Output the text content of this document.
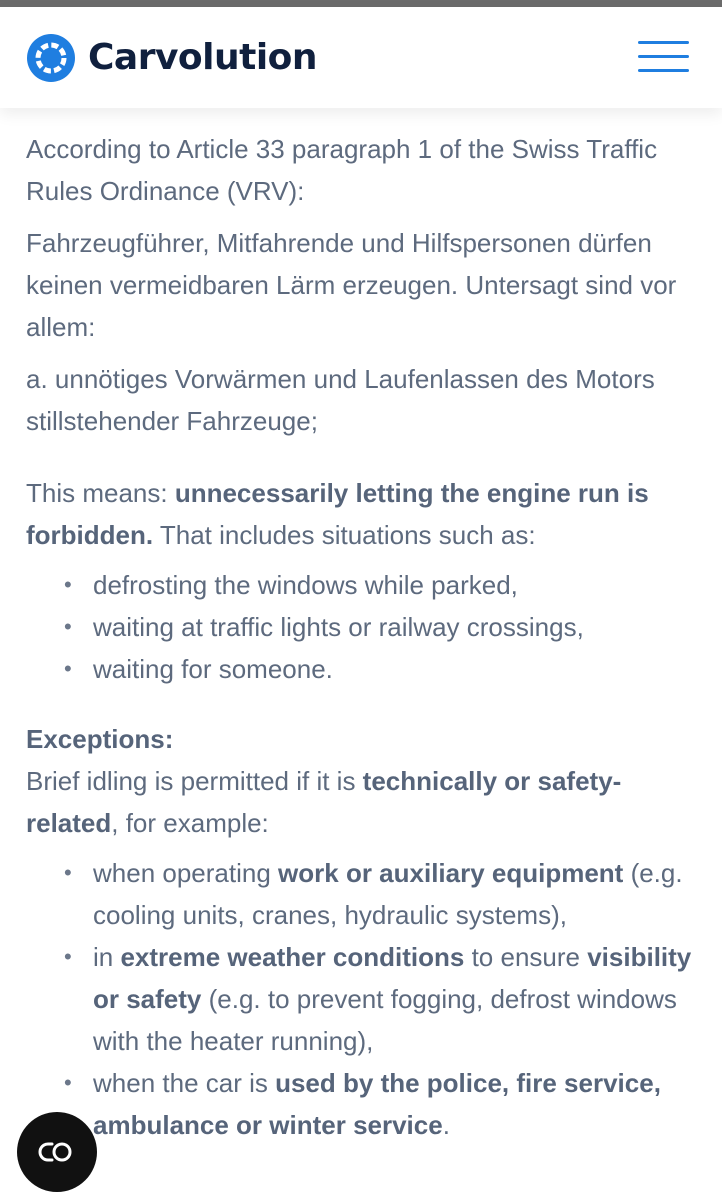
Carvolution

According to Article 33 paragraph 1 of the Swiss Traffic Rules Ordinance (VRV):

Fahrzeugführer, Mitfahrende und Hilfspersonen dürfen keinen vermeidbaren Lärm erzeugen. Untersagt sind vor allem:

a. unnötiges Vorwärmen und Laufenlassen des Motors stillstehender Fahrzeuge;

This means: unnecessarily letting the engine run is forbidden. That includes situations such as:

• defrosting the windows while parked,
• waiting at traffic lights or railway crossings,
• waiting for someone.

Exceptions:

Brief idling is permitted if it is technically or safety-related, for example:

• when operating work or auxiliary equipment (e.g. cooling units, cranes, hydraulic systems),
• in extreme weather conditions to ensure visibility or safety (e.g. to prevent fogging, defrost windows with the heater running),
• when the car is used by the police, fire service, ambulance or winter service.
